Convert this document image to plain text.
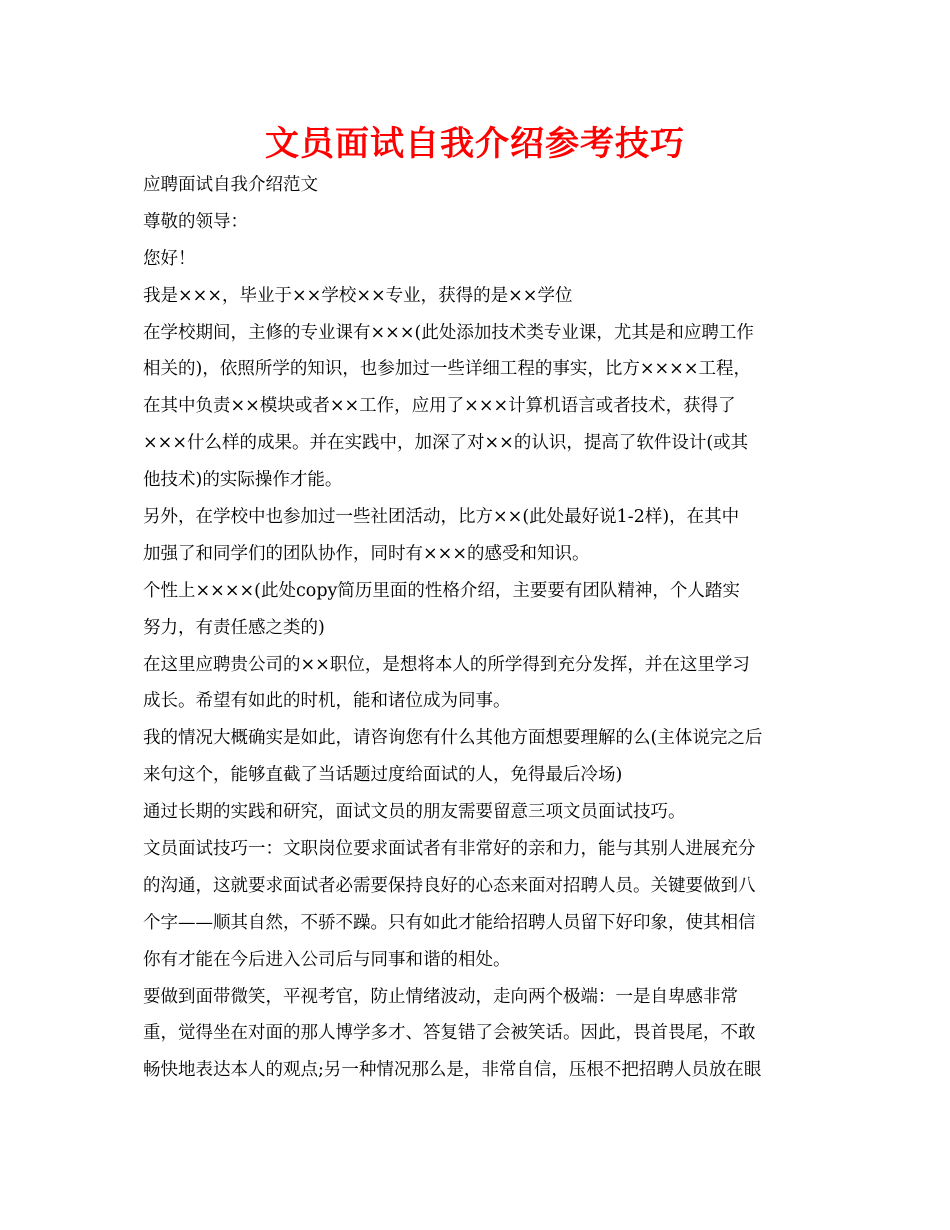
文员面试自我介绍参考技巧
应聘面试自我介绍范文
尊敬的领导：
您好！
我是×××，毕业于××学校××专业，获得的是××学位
在学校期间，主修的专业课有×××(此处添加技术类专业课，尤其是和应聘工作
相关的)，依照所学的知识，也参加过一些详细工程的事实，比方××××工程，
在其中负责××模块或者××工作，应用了×××计算机语言或者技术，获得了
×××什么样的成果。并在实践中，加深了对××的认识，提高了软件设计(或其
他技术)的实际操作才能。
另外，在学校中也参加过一些社团活动，比方××(此处最好说1-2样)，在其中
加强了和同学们的团队协作，同时有×××的感受和知识。
个性上××××(此处copy简历里面的性格介绍，主要要有团队精神，个人踏实
努力，有责任感之类的)
在这里应聘贵公司的××职位，是想将本人的所学得到充分发挥，并在这里学习
成长。希望有如此的时机，能和诸位成为同事。
我的情况大概确实是如此，请咨询您有什么其他方面想要理解的么(主体说完之后
来句这个，能够直截了当话题过度给面试的人，免得最后冷场)
通过长期的实践和研究，面试文员的朋友需要留意三项文员面试技巧。
文员面试技巧一：文职岗位要求面试者有非常好的亲和力，能与其别人进展充分
的沟通，这就要求面试者必需要保持良好的心态来面对招聘人员。关键要做到八
个字——顺其自然，不骄不躁。只有如此才能给招聘人员留下好印象，使其相信
你有才能在今后进入公司后与同事和谐的相处。
要做到面带微笑，平视考官，防止情绪波动，走向两个极端：一是自卑感非常
重，觉得坐在对面的那人博学多才、答复错了会被笑话。因此，畏首畏尾，不敢
畅快地表达本人的观点;另一种情况那么是，非常自信，压根不把招聘人员放在眼
